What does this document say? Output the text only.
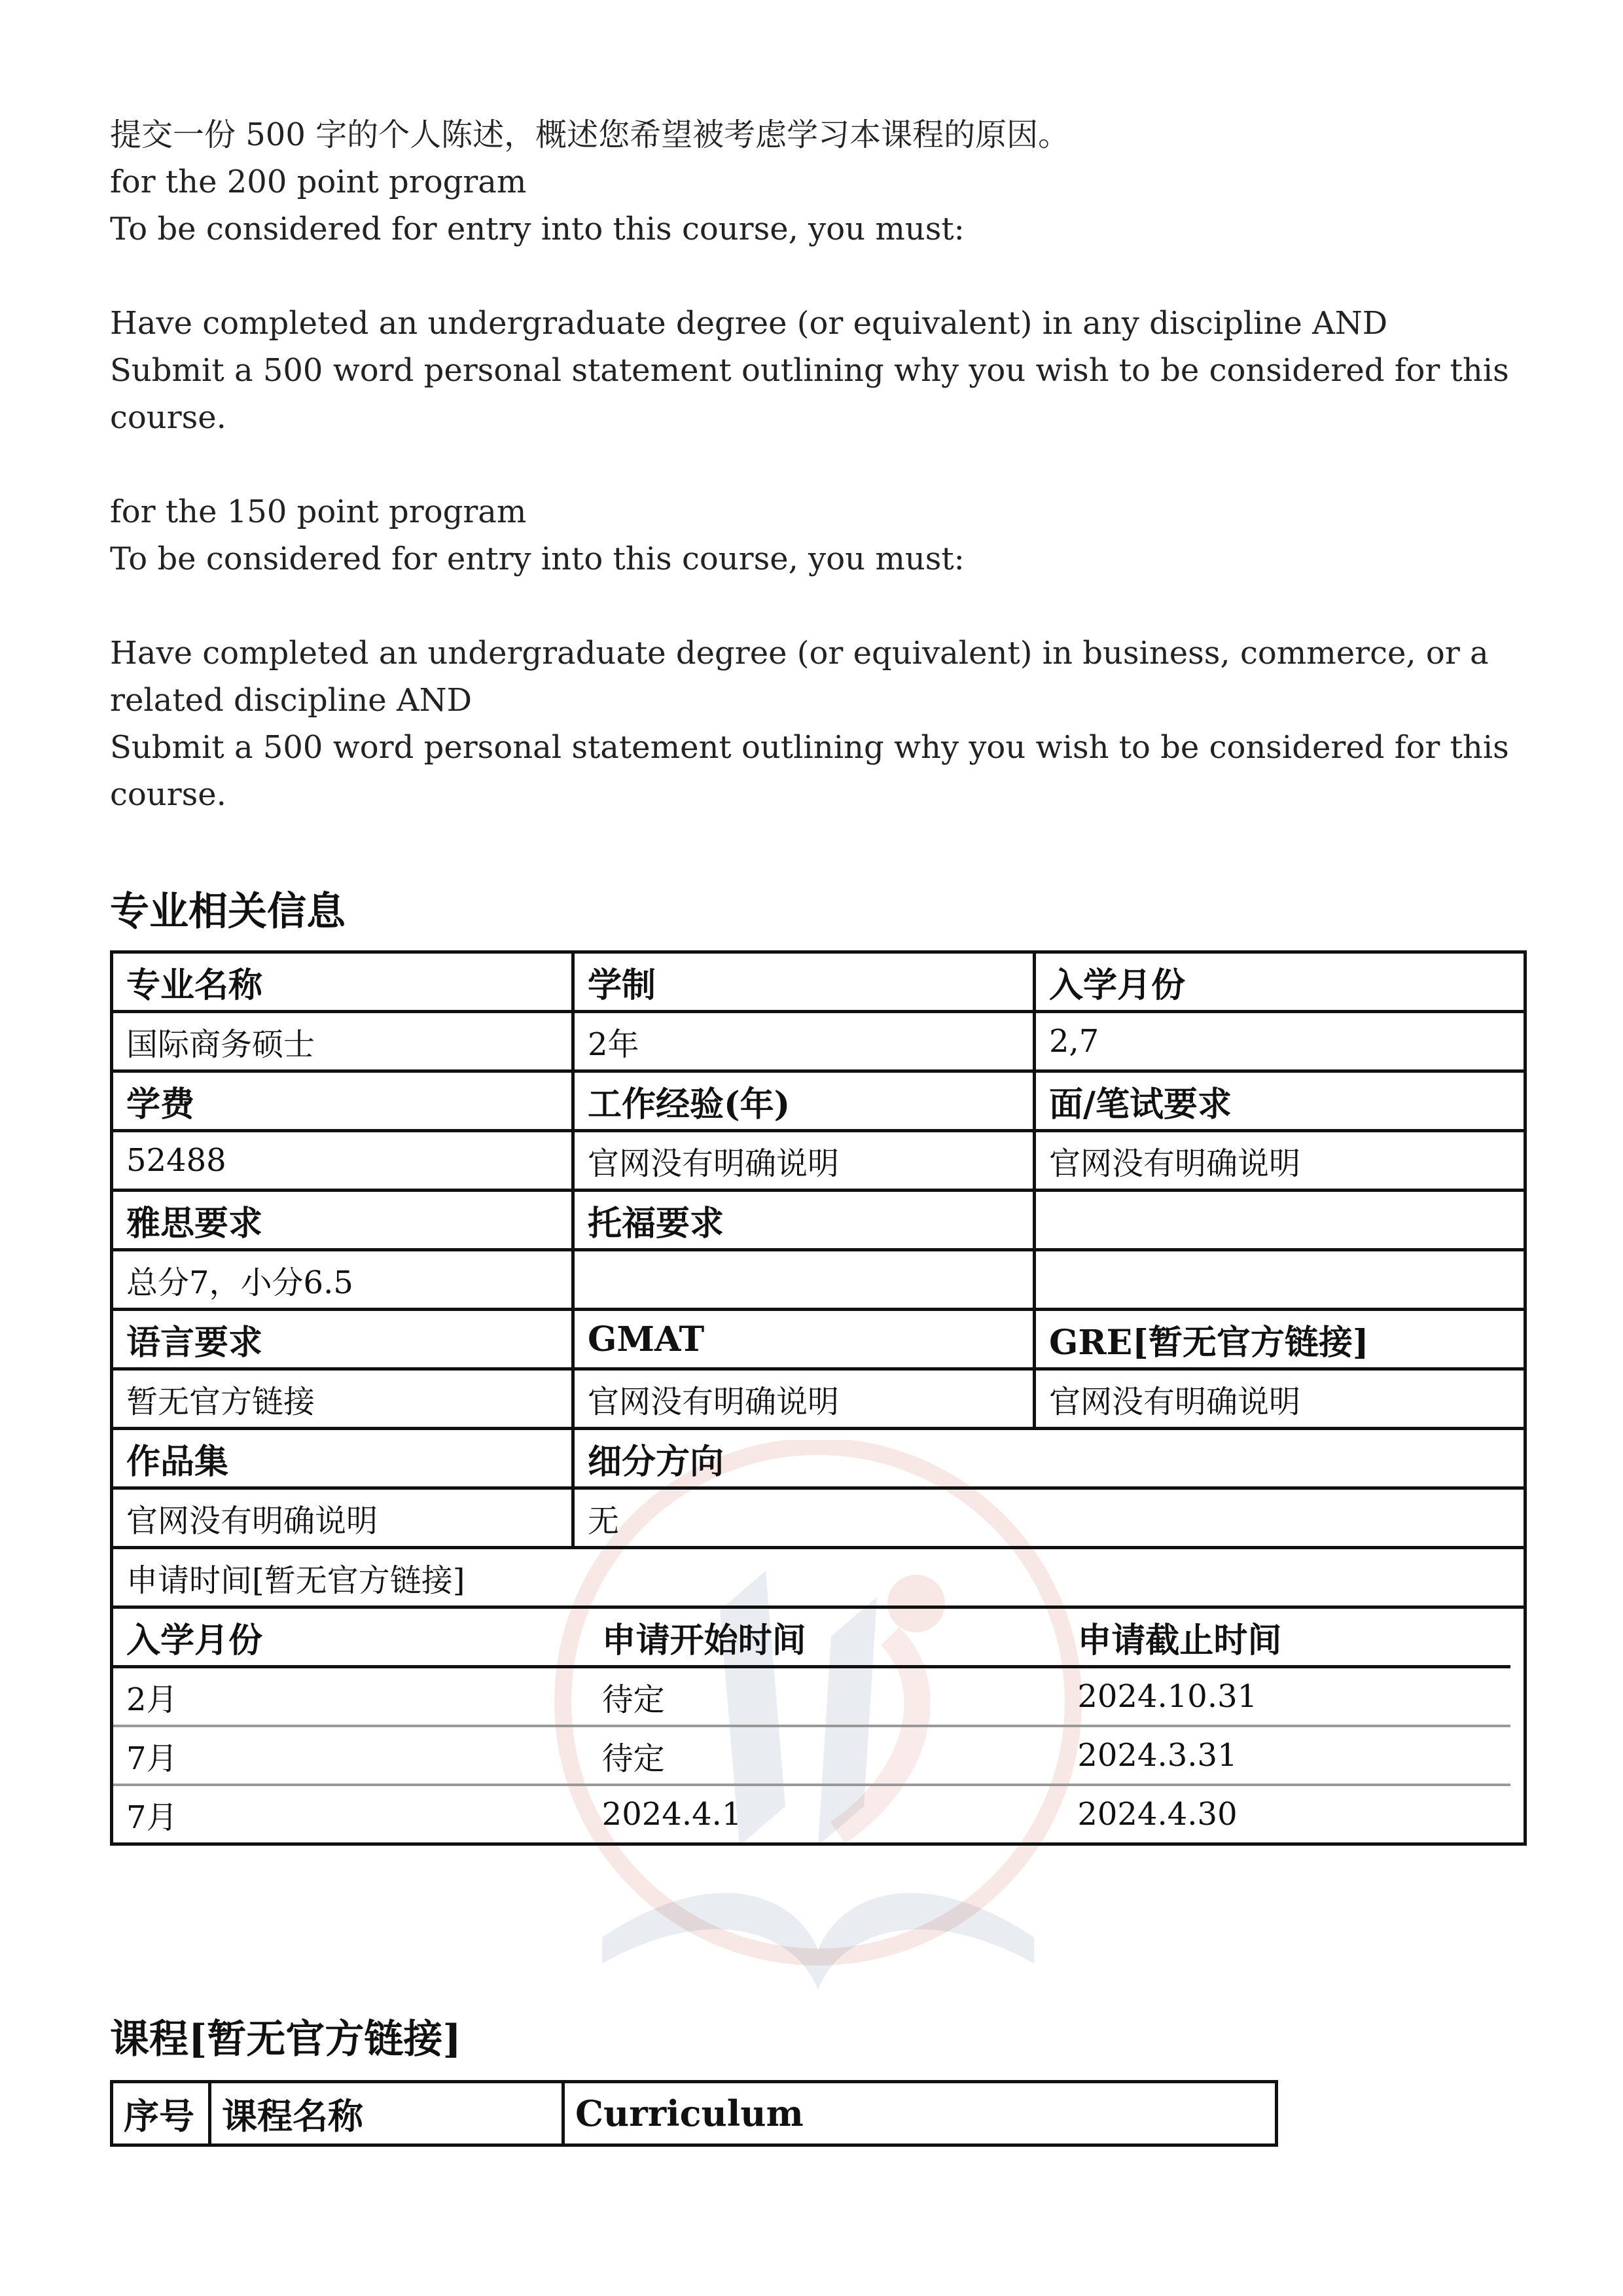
提交一份 500 字的个人陈述，概述您希望被考虑学习本课程的原因。

for the 200 point program

To be considered for entry into this course, you must:

Have completed an undergraduate degree (or equivalent) in any discipline AND

Submit a 500 word personal statement outlining why you wish to be considered for this

course.

for the 150 point program

To be considered for entry into this course, you must:

Have completed an undergraduate degree (or equivalent) in business, commerce, or a

related discipline AND

Submit a 500 word personal statement outlining why you wish to be considered for this

course.

专业相关信息
专业名称	学制	入学月份
国际商务硕士	2年	2,7
学费	工作经验(年)	面/笔试要求
52488	官网没有明确说明	官网没有明确说明
雅思要求	托福要求	
总分7，小分6.5		
语言要求	GMAT	GRE[暂无官方链接]
暂无官方链接	官网没有明确说明	官网没有明确说明
作品集	细分方向
官网没有明确说明	无
申请时间[暂无官方链接]

入学月份	申请开始时间	申请截止时间	
2月	待定	2024.10.31	
7月	待定	2024.3.31	
7月	2024.4.1	2024.4.30	
课程[暂无官方链接]
序号	课程名称	Curriculum
